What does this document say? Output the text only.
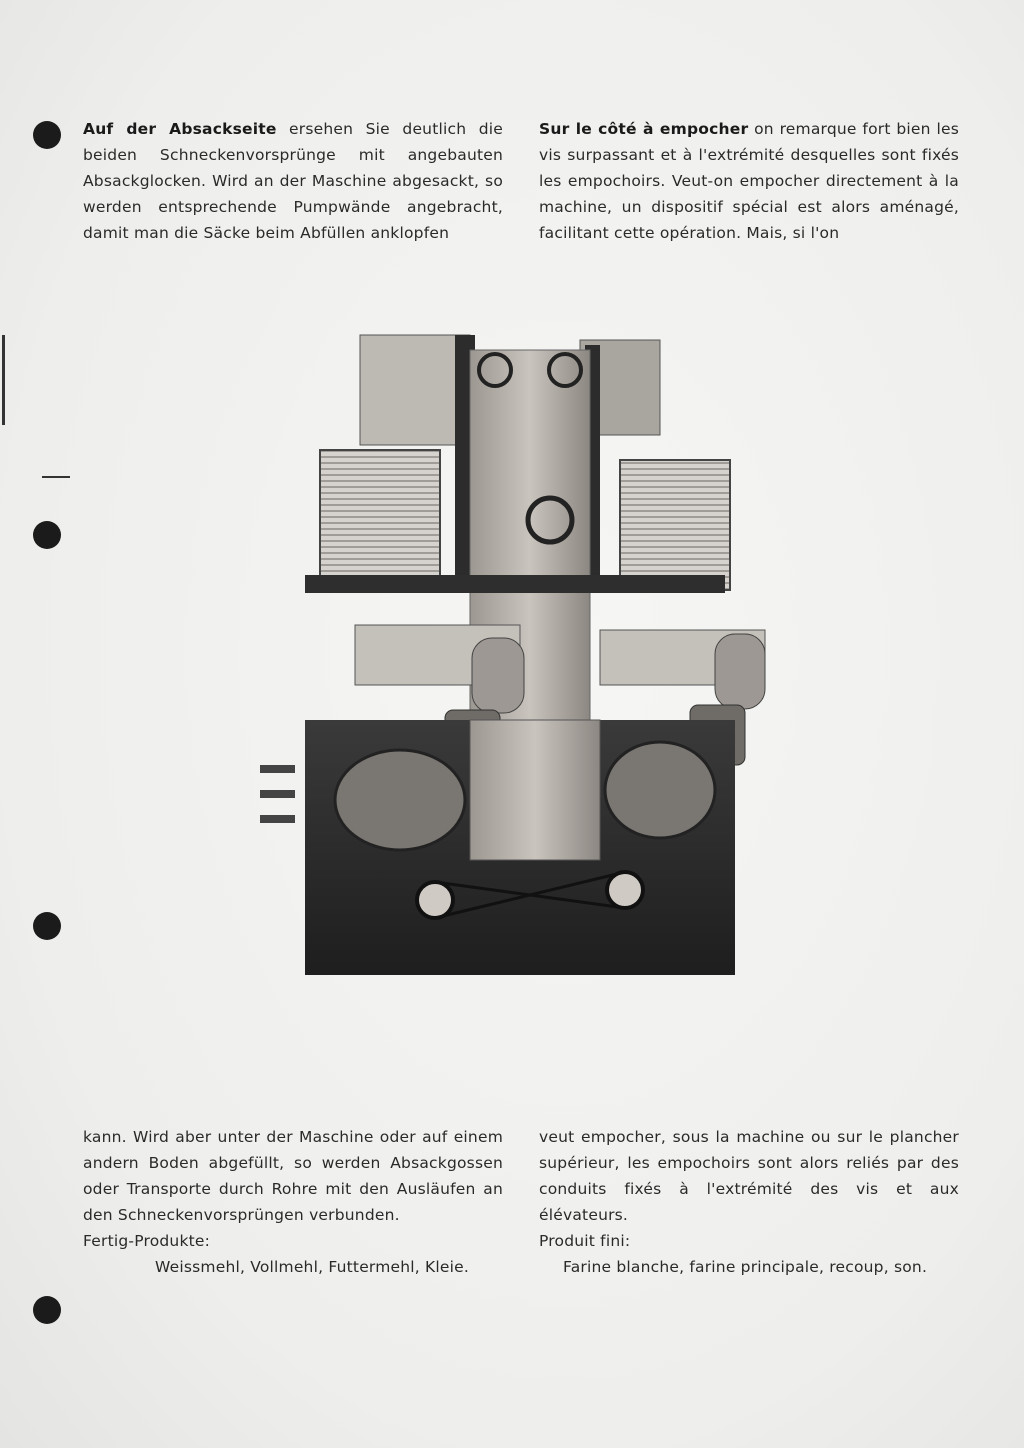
Auf der Absackseite ersehen Sie deutlich die beiden Schneckenvorsprünge mit angebauten Absackglocken. Wird an der Maschine abgesackt, so werden entsprechende Pumpwände angebracht, damit man die Säcke beim Abfüllen anklopfen

Sur le côté à empocher on remarque fort bien les vis surpassant et à l'extrémité desquelles sont fixés les empochoirs. Veut-on empocher directement à la machine, un dispositif spécial est alors aménagé, facilitant cette opération. Mais, si l'on

kann. Wird aber unter der Maschine oder auf einem andern Boden abgefüllt, so werden Absackgossen oder Transporte durch Rohre mit den Ausläufen an den Schneckenvorsprüngen verbunden.

Fertig-Produkte:

Weissmehl, Vollmehl, Futtermehl, Kleie.

veut empocher, sous la machine ou sur le plancher supérieur, les empochoirs sont alors reliés par des conduits fixés à l'extrémité des vis et aux élévateurs.

Produit fini:

Farine blanche, farine principale, recoup, son.
